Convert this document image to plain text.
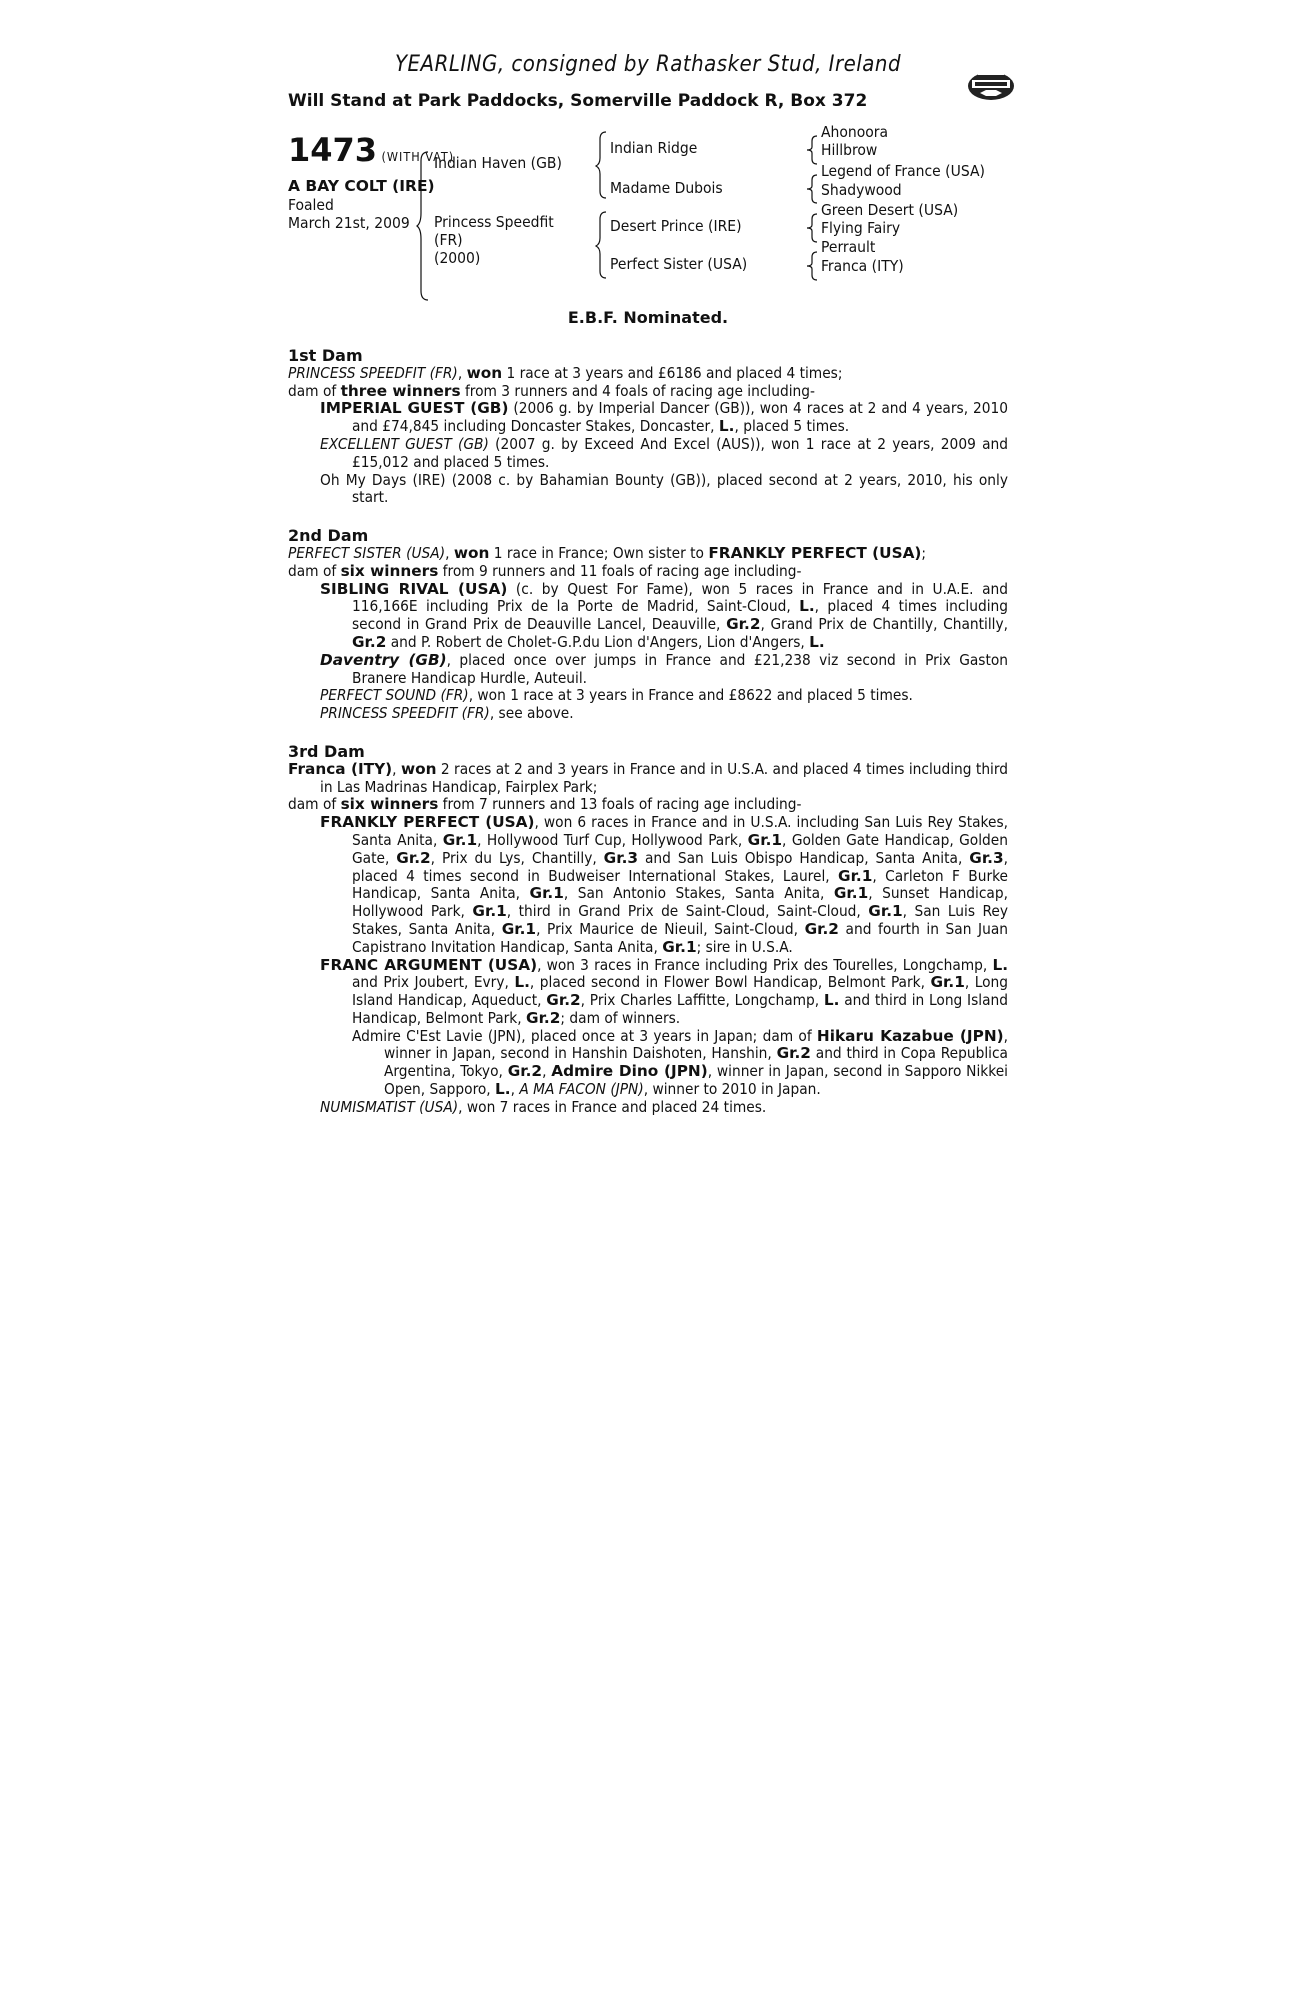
YEARLING, consigned by Rathasker Stud, Ireland
Will Stand at Park Paddocks, Somerville Paddock R, Box 372
1473 (WITH VAT)
A BAY COLT (IRE)
Foaled
March 21st, 2009
Indian Haven (GB)
Princess Speedfit
(FR)
(2000)
Indian Ridge
Madame Dubois
Desert Prince (IRE)
Perfect Sister (USA)
Ahonoora
Hillbrow
Legend of France (USA)
Shadywood
Green Desert (USA)
Flying Fairy
Perrault
Franca (ITY)
E.B.F. Nominated.
1st Dam

PRINCESS SPEEDFIT (FR), won 1 race at 3 years and £6186 and placed 4 times;

dam of three winners from 3 runners and 4 foals of racing age including-

IMPERIAL GUEST (GB) (2006 g. by Imperial Dancer (GB)), won 4 races at 2 and 4 years, 2010 and £74,845 including Doncaster Stakes, Doncaster, L., placed 5 times.

EXCELLENT GUEST (GB) (2007 g. by Exceed And Excel (AUS)), won 1 race at 2 years, 2009 and £15,012 and placed 5 times.

Oh My Days (IRE) (2008 c. by Bahamian Bounty (GB)), placed second at 2 years, 2010, his only start.

2nd Dam

PERFECT SISTER (USA), won 1 race in France; Own sister to FRANKLY PERFECT (USA);

dam of six winners from 9 runners and 11 foals of racing age including-

SIBLING RIVAL (USA) (c. by Quest For Fame), won 5 races in France and in U.A.E. and 116,166E including Prix de la Porte de Madrid, Saint-Cloud, L., placed 4 times including second in Grand Prix de Deauville Lancel, Deauville, Gr.2, Grand Prix de Chantilly, Chantilly, Gr.2 and P. Robert de Cholet-G.P.du Lion d'Angers, Lion d'Angers, L.

Daventry (GB), placed once over jumps in France and £21,238 viz second in Prix Gaston Branere Handicap Hurdle, Auteuil.

PERFECT SOUND (FR), won 1 race at 3 years in France and £8622 and placed 5 times.

PRINCESS SPEEDFIT (FR), see above.

3rd Dam

Franca (ITY), won 2 races at 2 and 3 years in France and in U.S.A. and placed 4 times including third in Las Madrinas Handicap, Fairplex Park;

dam of six winners from 7 runners and 13 foals of racing age including-

FRANKLY PERFECT (USA), won 6 races in France and in U.S.A. including San Luis Rey Stakes, Santa Anita, Gr.1, Hollywood Turf Cup, Hollywood Park, Gr.1, Golden Gate Handicap, Golden Gate, Gr.2, Prix du Lys, Chantilly, Gr.3 and San Luis Obispo Handicap, Santa Anita, Gr.3, placed 4 times second in Budweiser International Stakes, Laurel, Gr.1, Carleton F Burke Handicap, Santa Anita, Gr.1, San Antonio Stakes, Santa Anita, Gr.1, Sunset Handicap, Hollywood Park, Gr.1, third in Grand Prix de Saint-Cloud, Saint-Cloud, Gr.1, San Luis Rey Stakes, Santa Anita, Gr.1, Prix Maurice de Nieuil, Saint-Cloud, Gr.2 and fourth in San Juan Capistrano Invitation Handicap, Santa Anita, Gr.1; sire in U.S.A.

FRANC ARGUMENT (USA), won 3 races in France including Prix des Tourelles, Longchamp, L. and Prix Joubert, Evry, L., placed second in Flower Bowl Handicap, Belmont Park, Gr.1, Long Island Handicap, Aqueduct, Gr.2, Prix Charles Laffitte, Longchamp, L. and third in Long Island Handicap, Belmont Park, Gr.2; dam of winners.

Admire C'Est Lavie (JPN), placed once at 3 years in Japan; dam of Hikaru Kazabue (JPN), winner in Japan, second in Hanshin Daishoten, Hanshin, Gr.2 and third in Copa Republica Argentina, Tokyo, Gr.2, Admire Dino (JPN), winner in Japan, second in Sapporo Nikkei Open, Sapporo, L., A MA FACON (JPN), winner to 2010 in Japan.

NUMISMATIST (USA), won 7 races in France and placed 24 times.
